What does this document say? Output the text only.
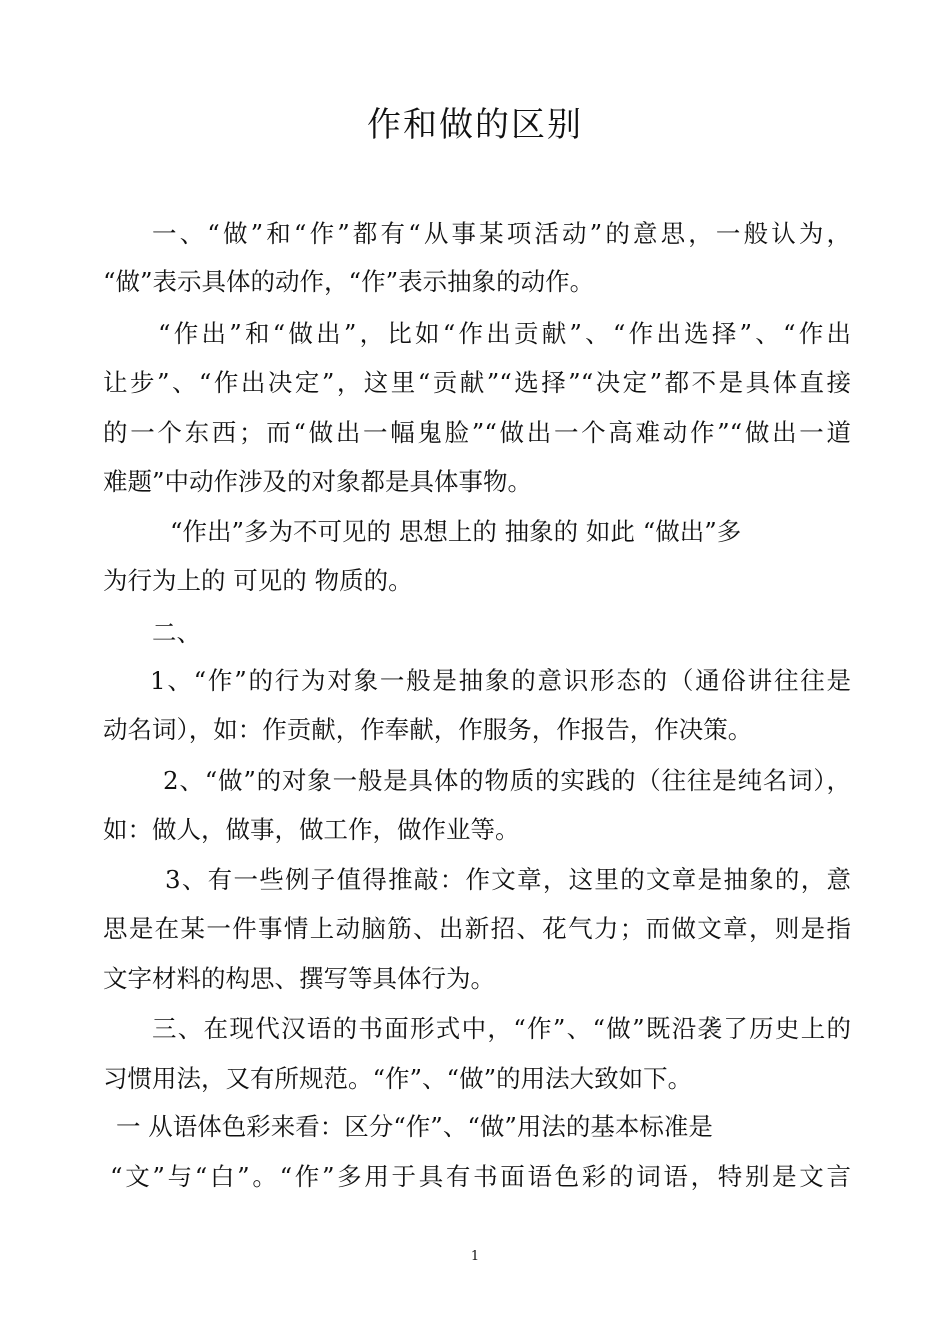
作和做的区别
一、“做”和“作”都有“从事某项活动”的意思，一般认为，
“做”表示具体的动作，“作”表示抽象的动作。
“作出”和“做出”，比如“作出贡献”、“作出选择”、“作出
让步”、“作出决定”，这里“贡献”“选择”“决定”都不是具体直接
的一个东西；而“做出一幅鬼脸”“做出一个高难动作”“做出一道
难题”中动作涉及的对象都是具体事物。
“作出”多为不可见的 思想上的 抽象的 如此 “做出”多
为行为上的 可见的 物质的。
二、
1、“作”的行为对象一般是抽象的意识形态的（通俗讲往往是
动名词），如：作贡献，作奉献，作服务，作报告，作决策。
2、“做”的对象一般是具体的物质的实践的（往往是纯名词），
如：做人，做事，做工作，做作业等。
3、有一些例子值得推敲：作文章，这里的文章是抽象的，意
思是在某一件事情上动脑筋、出新招、花气力；而做文章，则是指
文字材料的构思、撰写等具体行为。
三、在现代汉语的书面形式中，“作”、“做”既沿袭了历史上的
习惯用法，又有所规范。“作”、“做”的用法大致如下。
一 从语体色彩来看：区分“作”、“做”用法的基本标准是
“文”与“白”。“作”多用于具有书面语色彩的词语，特别是文言
1
